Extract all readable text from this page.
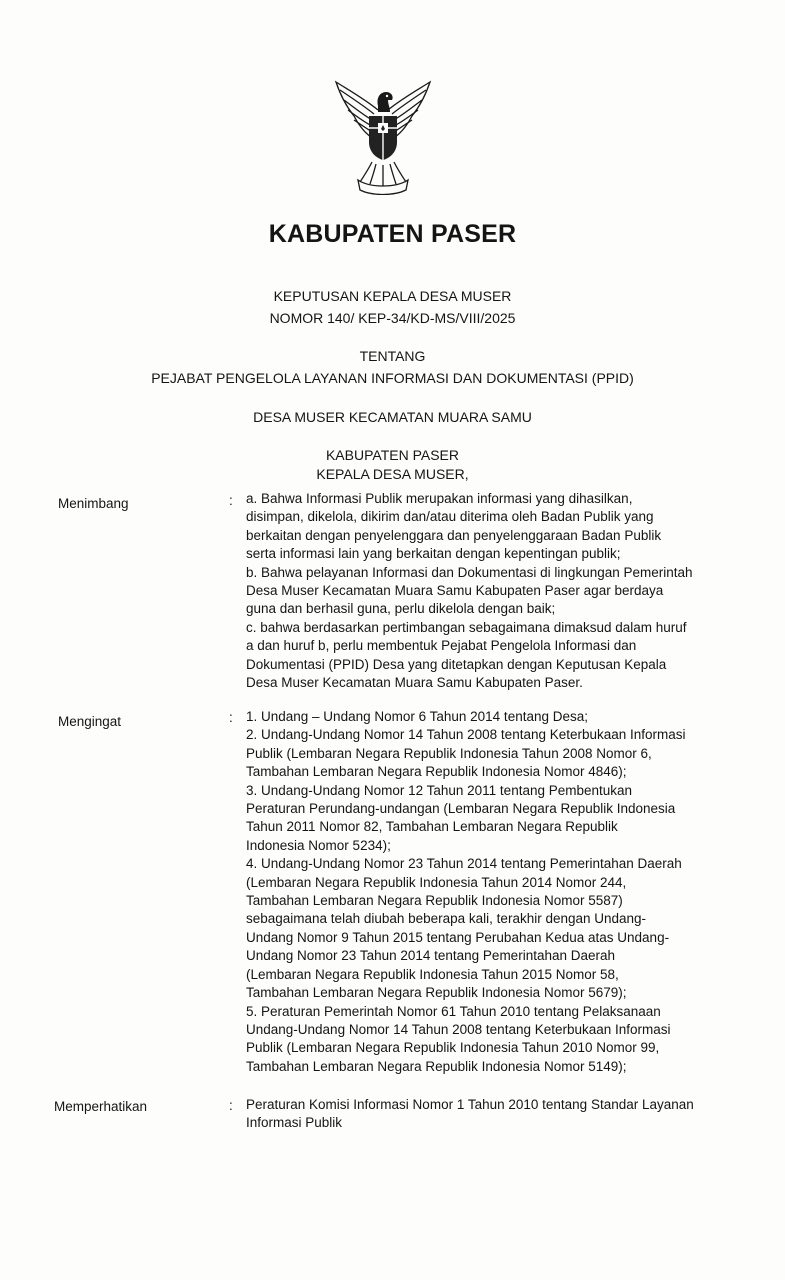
KABUPATEN PASER
KEPUTUSAN KEPALA DESA MUSER
NOMOR 140/ KEP-34/KD-MS/VIII/2025
TENTANG
PEJABAT PENGELOLA LAYANAN INFORMASI DAN DOKUMENTASI (PPID)
DESA MUSER KECAMATAN MUARA SAMU
KABUPATEN PASER
KEPALA DESA MUSER,
Menimbang	: a. Bahwa Informasi Publik merupakan informasi yang dihasilkan,
disimpan, dikelola, dikirim dan/atau diterima oleh Badan Publik yang
berkaitan dengan penyelenggara dan penyelenggaraan Badan Publik
serta informasi lain yang berkaitan dengan kepentingan publik;
b. Bahwa pelayanan Informasi dan Dokumentasi di lingkungan Pemerintah
Desa Muser Kecamatan Muara Samu Kabupaten Paser agar berdaya
guna dan berhasil guna, perlu dikelola dengan baik;
c. bahwa berdasarkan pertimbangan sebagaimana dimaksud dalam huruf
a dan huruf b, perlu membentuk Pejabat Pengelola Informasi dan
Dokumentasi (PPID) Desa yang ditetapkan dengan Keputusan Kepala
Desa Muser Kecamatan Muara Samu Kabupaten Paser.
Mengingat	: 1. Undang – Undang Nomor 6 Tahun 2014 tentang Desa;
2. Undang-Undang Nomor 14 Tahun 2008 tentang Keterbukaan Informasi
Publik (Lembaran Negara Republik Indonesia Tahun 2008 Nomor 6,
Tambahan Lembaran Negara Republik Indonesia Nomor 4846);
3. Undang-Undang Nomor 12 Tahun 2011 tentang Pembentukan
Peraturan Perundang-undangan (Lembaran Negara Republik Indonesia
Tahun 2011 Nomor 82, Tambahan Lembaran Negara Republik
Indonesia Nomor 5234);
4. Undang-Undang Nomor 23 Tahun 2014 tentang Pemerintahan Daerah
(Lembaran Negara Republik Indonesia Tahun 2014 Nomor 244,
Tambahan Lembaran Negara Republik Indonesia Nomor 5587)
sebagaimana telah diubah beberapa kali, terakhir dengan Undang-
Undang Nomor 9 Tahun 2015 tentang Perubahan Kedua atas Undang-
Undang Nomor 23 Tahun 2014 tentang Pemerintahan Daerah
(Lembaran Negara Republik Indonesia Tahun 2015 Nomor 58,
Tambahan Lembaran Negara Republik Indonesia Nomor 5679);
5. Peraturan Pemerintah Nomor 61 Tahun 2010 tentang Pelaksanaan
Undang-Undang Nomor 14 Tahun 2008 tentang Keterbukaan Informasi
Publik (Lembaran Negara Republik Indonesia Tahun 2010 Nomor 99,
Tambahan Lembaran Negara Republik Indonesia Nomor 5149);
Memperhatikan	: Peraturan Komisi Informasi Nomor 1 Tahun 2010 tentang Standar Layanan
Informasi Publik
